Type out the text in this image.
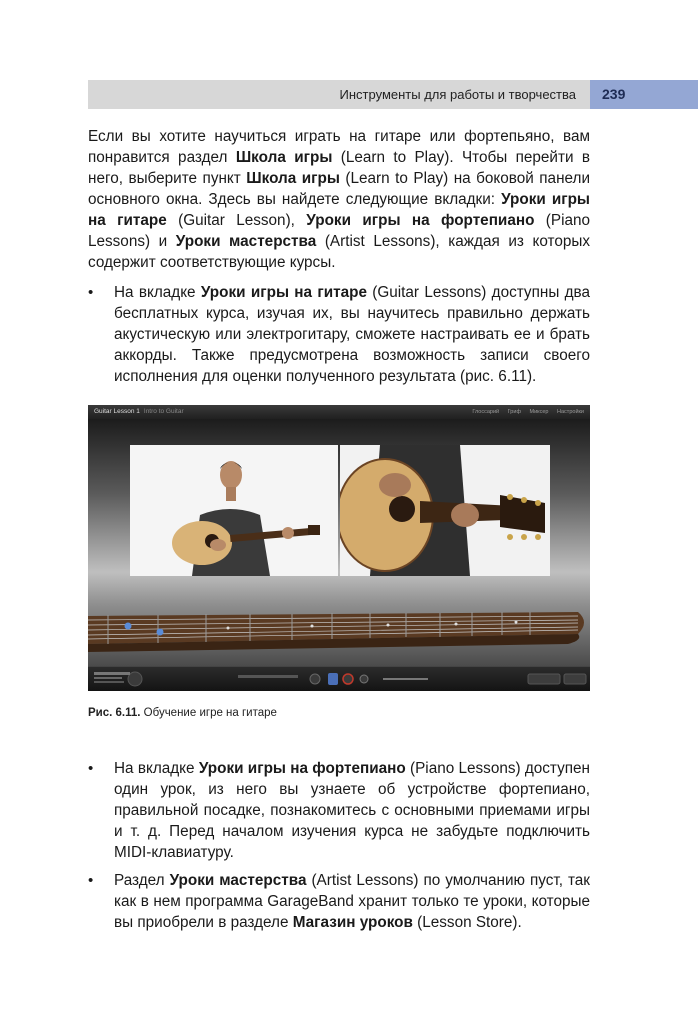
Инструменты для работы и творчества 239

Если вы хотите научиться играть на гитаре или фортепьяно, вам понравится раздел Школа игры (Learn to Play). Чтобы перейти в него, выберите пункт Школа игры (Learn to Play) на боковой панели основного окна. Здесь вы найдете следующие вкладки: Уроки игры на гитаре (Guitar Lesson), Уроки игры на фортепиано (Piano Lessons) и Уроки мастерства (Artist Lessons), каждая из которых содержит соответствующие курсы.

• На вкладке Уроки игры на гитаре (Guitar Lessons) доступны два бесплатных курса, изучая их, вы научитесь правильно держать акустическую или электрогитару, сможете настраивать ее и брать аккорды. Также предусмотрена возможность записи своего исполнения для оценки полученного результата (рис. 6.11).

Guitar Lesson 1 Intro to Guitar	Глоссарий Гриф Миксер Настройки
Рис. 6.11. Обучение игре на гитаре
• На вкладке Уроки игры на фортепиано (Piano Lessons) доступен один урок, из него вы узнаете об устройстве фортепиано, правильной посадке, познакомитесь с основными приемами игры и т. д. Перед началом изучения курса не забудьте подключить MIDI-клавиатуру.

• Раздел Уроки мастерства (Artist Lessons) по умолчанию пуст, так как в нем программа GarageBand хранит только те уроки, которые вы приобрели в разделе Магазин уроков (Lesson Store).
